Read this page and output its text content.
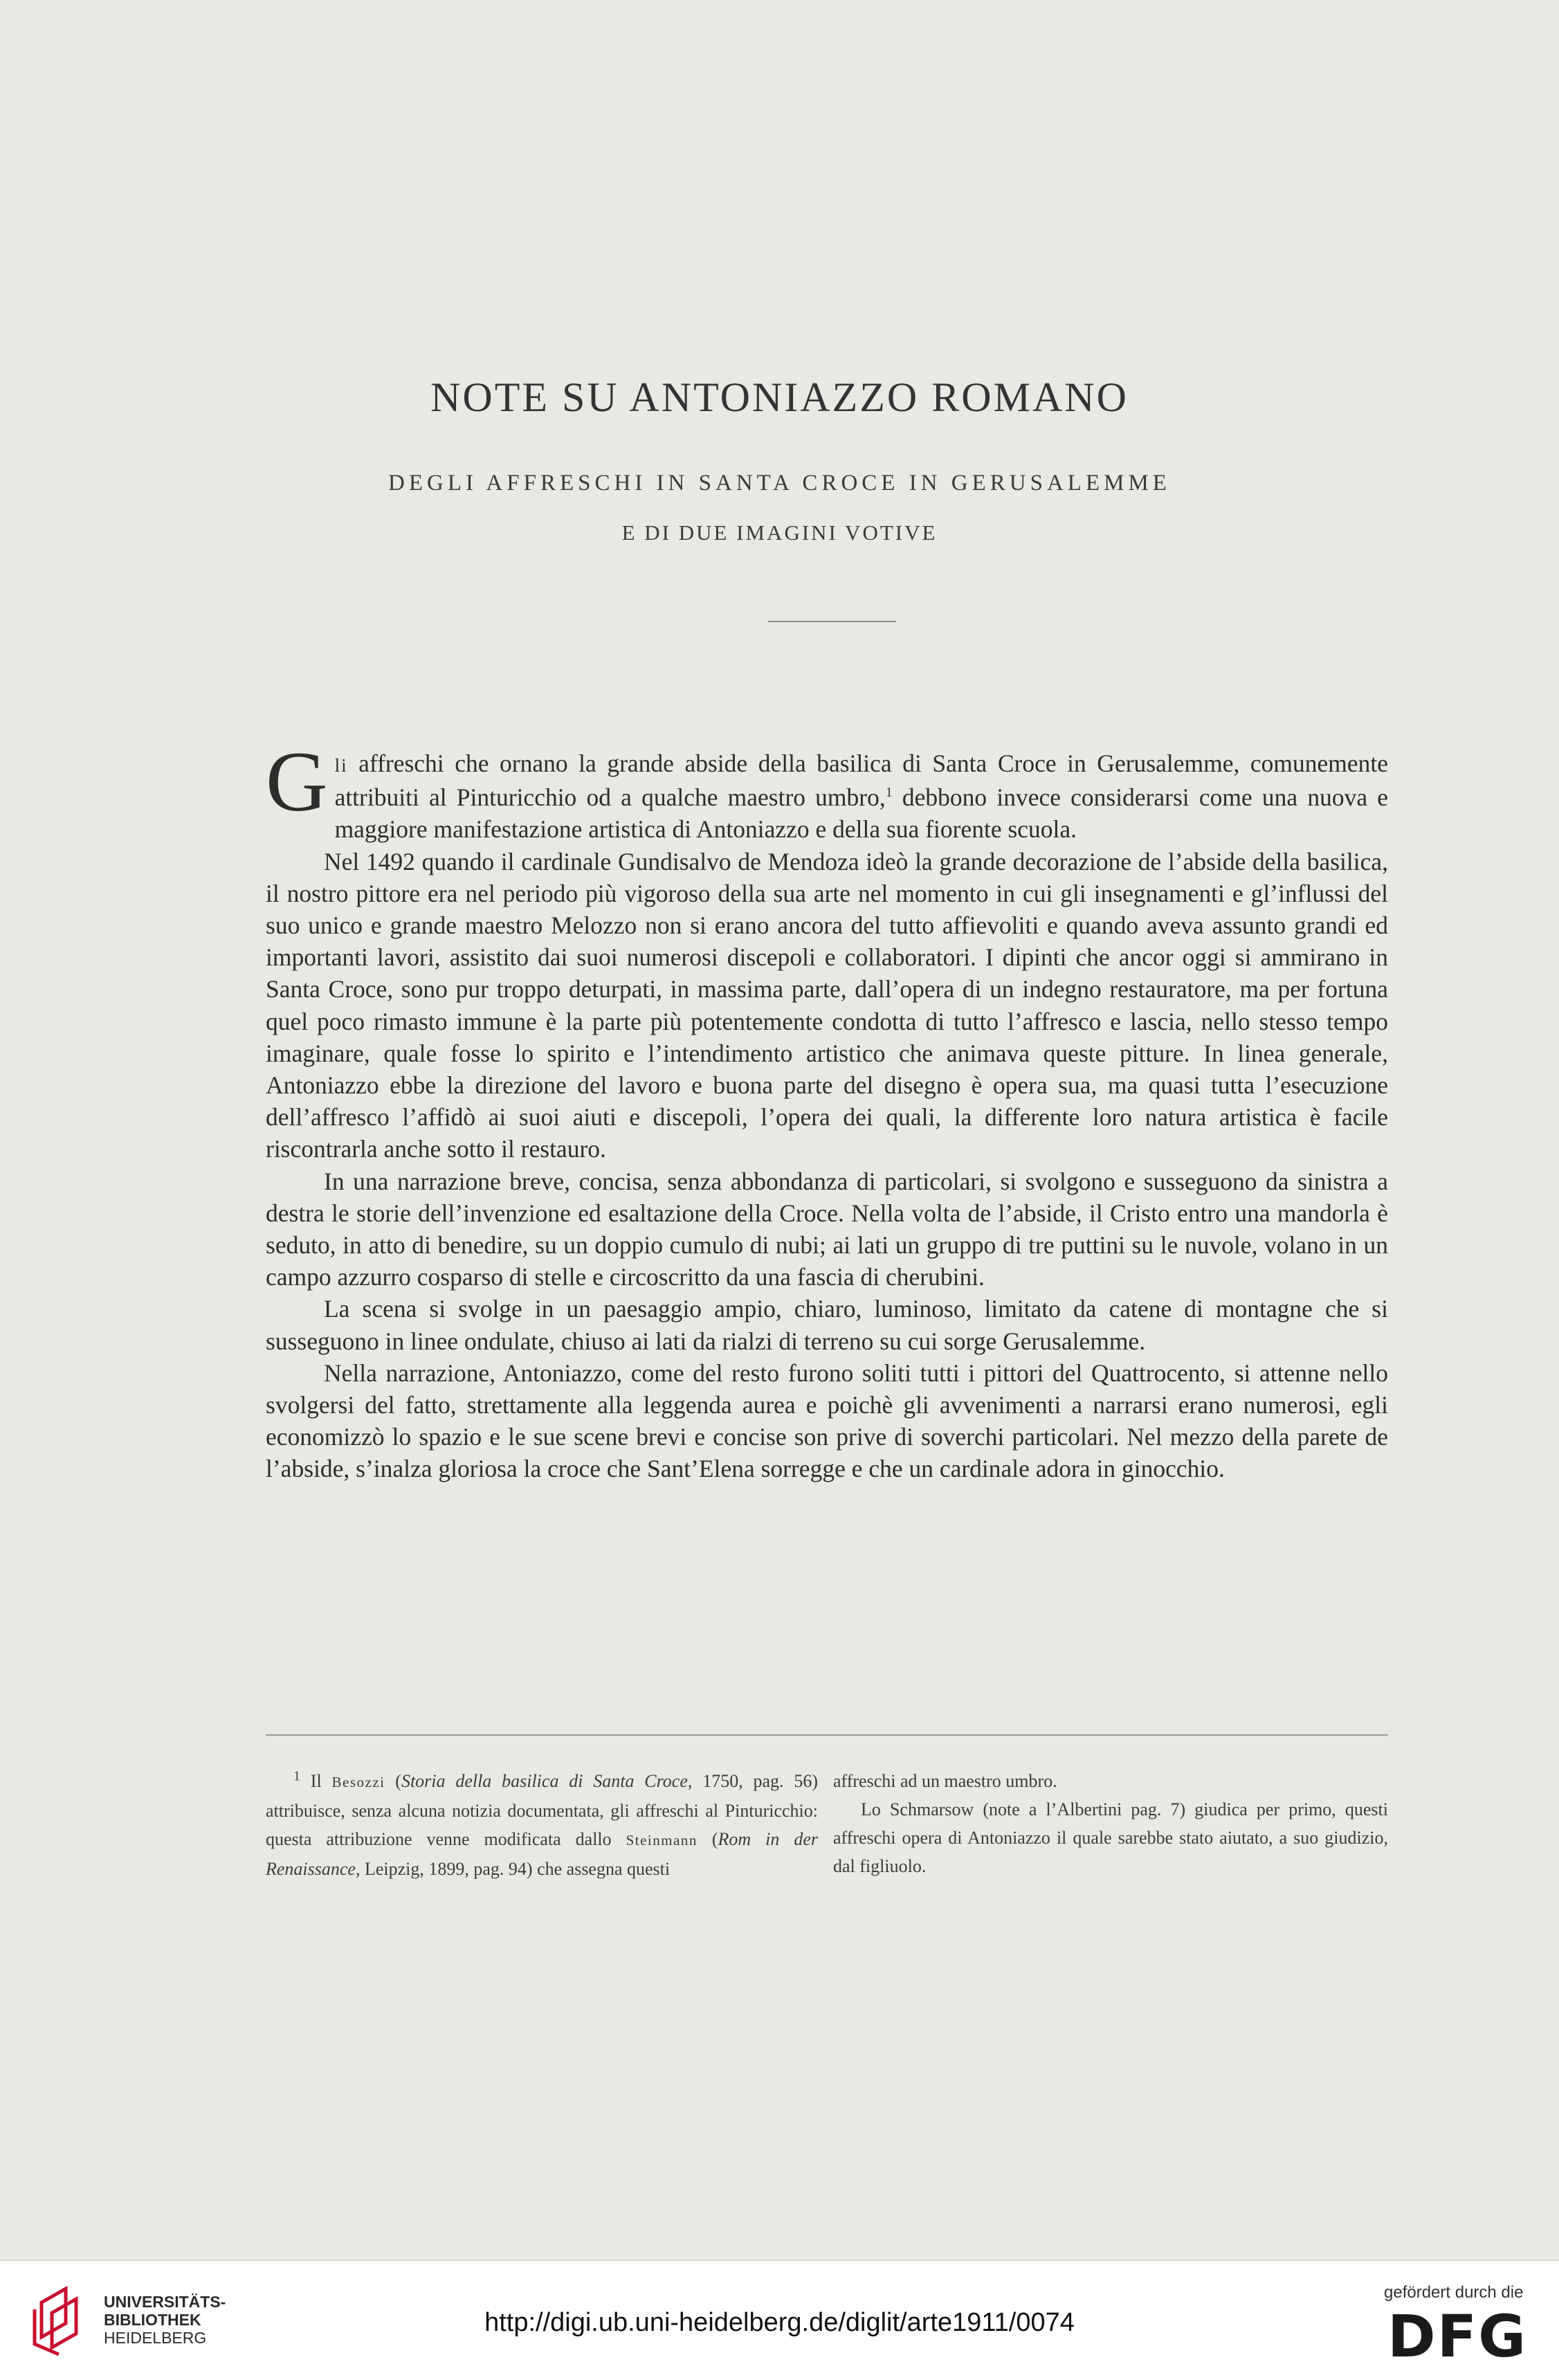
NOTE SU ANTONIAZZO ROMANO
DEGLI AFFRESCHI IN SANTA CROCE IN GERUSALEMME
E DI DUE IMAGINI VOTIVE

Gli affreschi che ornano la grande abside della basilica di Santa Croce in Gerusalemme, comunemente attribuiti al Pinturicchio od a qualche maestro umbro,$^1$ debbono invece considerarsi come una nuova e maggiore manifestazione artistica di Antoniazzo e della sua fiorente scuola.

Nel 1492 quando il cardinale Gundisalvo de Mendoza ideò la grande decorazione de l’abside della basilica, il nostro pittore era nel periodo più vigoroso della sua arte nel momento in cui gli insegnamenti e gl’influssi del suo unico e grande maestro Melozzo non si erano ancora del tutto affievoliti e quando aveva assunto grandi ed importanti lavori, assistito dai suoi numerosi discepoli e collaboratori. I dipinti che ancor oggi si ammirano in Santa Croce, sono pur troppo deturpati, in massima parte, dall’opera di un indegno restauratore, ma per fortuna quel poco rimasto immune è la parte più potentemente condotta di tutto l’affresco e lascia, nello stesso tempo imaginare, quale fosse lo spirito e l’intendimento artistico che animava queste pitture. In linea generale, Antoniazzo ebbe la direzione del lavoro e buona parte del disegno è opera sua, ma quasi tutta l’esecuzione dell’affresco l’affidò ai suoi aiuti e discepoli, l’opera dei quali, la differente loro natura artistica è facile riscontrarla anche sotto il restauro.

In una narrazione breve, concisa, senza abbondanza di particolari, si svolgono e susseguono da sinistra a destra le storie dell’invenzione ed esaltazione della Croce. Nella volta de l’abside, il Cristo entro una mandorla è seduto, in atto di benedire, su un doppio cumulo di nubi; ai lati un gruppo di tre puttini su le nuvole, volano in un campo azzurro cosparso di stelle e circoscritto da una fascia di cherubini.

La scena si svolge in un paesaggio ampio, chiaro, luminoso, limitato da catene di montagne che si susseguono in linee ondulate, chiuso ai lati da rialzi di terreno su cui sorge Gerusalemme.

Nella narrazione, Antoniazzo, come del resto furono soliti tutti i pittori del Quattrocento, si attenne nello svolgersi del fatto, strettamente alla leggenda aurea e poichè gli avvenimenti a narrarsi erano numerosi, egli economizzò lo spazio e le sue scene brevi e concise son prive di soverchi particolari. Nel mezzo della parete de l’abside, s’inalza gloriosa la croce che Sant’Elena sorregge e che un cardinale adora in ginocchio.

$^1$ Il Besozzi (Storia della basilica di Santa Croce, 1750, pag. 56) attribuisce, senza alcuna notizia documentata, gli affreschi al Pinturicchio: questa attribuzione venne modificata dallo Steinmann (Rom in der Renaissance, Leipzig, 1899, pag. 94) che assegna questi

affreschi ad un maestro umbro.

Lo Schmarsow (note a l’Albertini pag. 7) giudica per primo, questi affreschi opera di Antoniazzo il quale sarebbe stato aiutato, a suo giudizio, dal figliuolo.

UNIVERSITÄTS-
BIBLIOTHEK
HEIDELBERG
http://digi.ub.uni-heidelberg.de/diglit/arte1911/0074
gefördert durch die
DFG
